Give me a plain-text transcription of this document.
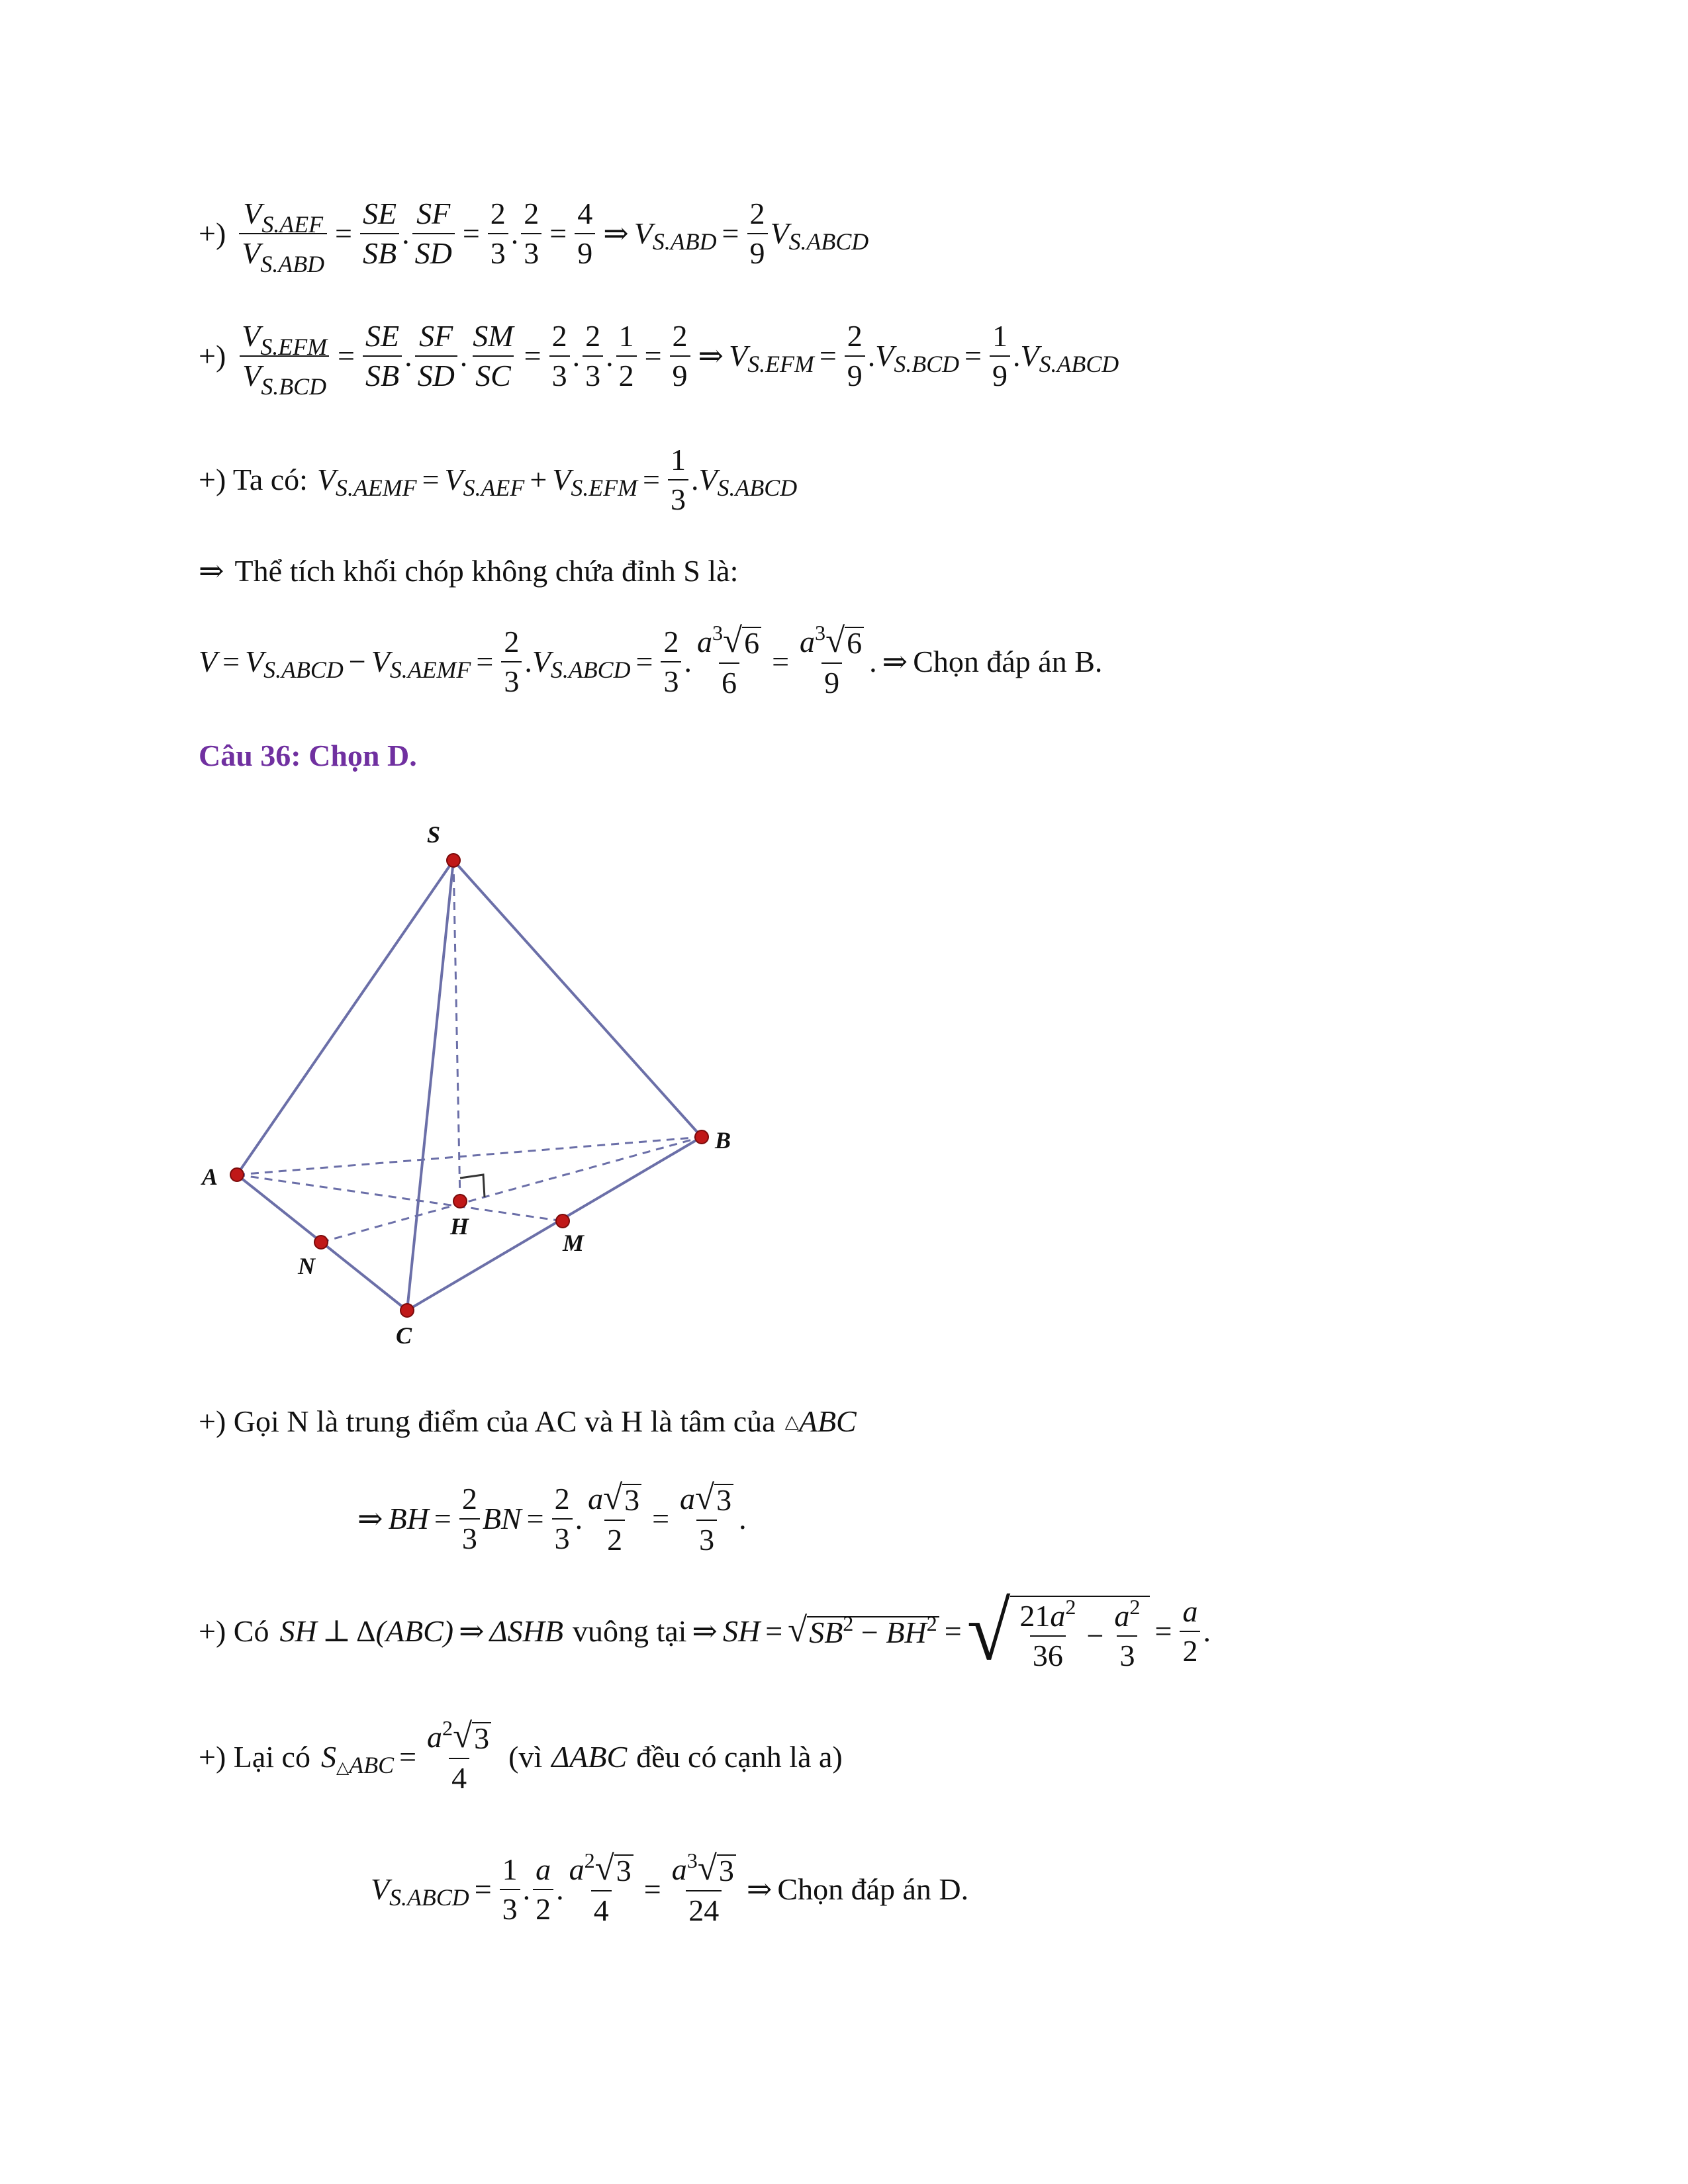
+) $\frac{V_{S.AEF}}{V_{S.ABD}} = \frac{SE}{SB}$ . $\frac{SF}{SD} = \frac{2}{3}$ . $\frac{2}{3} = \frac{4}{9}$ ⇒ V $S.ABD = \frac{2}{9}$ V S.ABCD
+) $\frac{V_{S.EFM}}{V_{S.BCD}} = \frac{SE}{SB}$ . $\frac{SF}{SD}$ . $\frac{SM}{SC} = \frac{2}{3}$ . $\frac{2}{3}$ . $\frac{1}{2} = \frac{2}{9}$ ⇒ V $S.EFM = \frac{2}{9}$ . V $S.BCD = \frac{1}{9}$ . V S.ABCD
+) Ta có: V S.AEMF = V S.AEF + V $S.EFM = \frac{1}{3}$ . V S.ABCD
⇒ Thể tích khối chóp không chứa đỉnh S là:
V = V S.ABCD − V S.AEMF = $\frac{2}{3}$ . V S.ABCD = $\frac{2}{3}$ . $\frac{a^3 √ 6}{6} = \frac{a^3 √ 6}{9}$ . ⇒ Chọn đáp án B.
Câu 36: Chọn D.
S
A
B
C
H
M
N
+) Gọi N là trung điểm của AC và H là tâm của △ ABC
⇒ BH = $\frac{2}{3}$ BN = $\frac{2}{3}$ . $\frac{a √ 3}{2} = \frac{a √ 3}{3}$ .
+) Có SH ⊥ Δ (ABC) ⇒ ΔSHB vuông tại ⇒ SH = √ $SB^2 - BH^2$ = √ $\frac{21a^2}{36} - \frac{a^2}{3} = \frac{a}{2}$ .
+) Lại có S △ABC = $\frac{a^2 √ 3}{4}$ (vì ΔABC đều có cạnh là a)
V S.ABCD = $\frac{1}{3}$ . $\frac{a}{2}$ . $\frac{a^2 √ 3}{4} = \frac{a^3 √ 3}{24}$ ⇒ Chọn đáp án D.
